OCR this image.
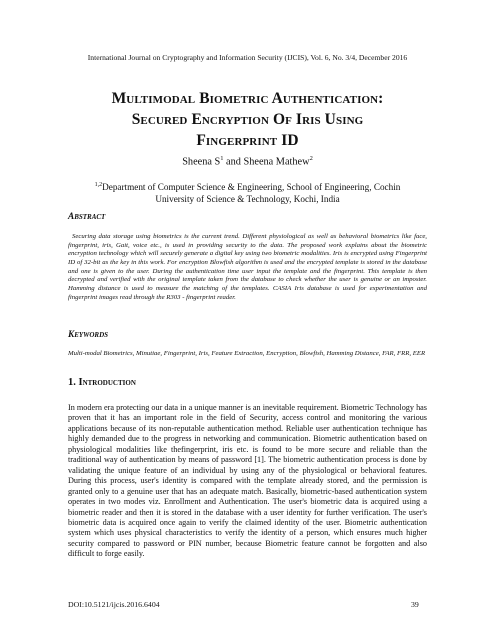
International Journal on Cryptography and Information Security (IJCIS), Vol. 6, No. 3/4, December 2016
Multimodal Biometric Authentication:
Secured Encryption Of Iris Using
Fingerprint ID
Sheena $S^1$ and Sheena Mathew$^2$
$^{1,2}$Department of Computer Science & Engineering, School of Engineering, Cochin
University of Science & Technology, Kochi, India
Abstract
Securing data storage using biometrics is the current trend. Different physiological as well as behavioral biometrics like face, fingerprint, iris, Gait, voice etc., is used in providing security to the data. The proposed work explains about the biometric encryption technology which will securely generate a digital key using two biometric modalities. Iris is encrypted using Fingerprint ID of 32-bit as the key in this work. For encryption Blowfish algorithm is used and the encrypted template is stored in the database and one is given to the user. During the authentication time user input the template and the fingerprint. This template is then decrypted and verified with the original template taken from the database to check whether the user is genuine or an imposter. Hamming distance is used to measure the matching of the templates. CASIA Iris database is used for experimentation and fingerprint images read through the R303 - fingerprint reader.
Keywords
Multi-modal Biometrics, Minutiae, Fingerprint, Iris, Feature Extraction, Encryption, Blowfish, Hamming Distance, FAR, FRR, EER
1. Introduction
In modern era protecting our data in a unique manner is an inevitable requirement. Biometric Technology has proven that it has an important role in the field of Security, access control and monitoring the various applications because of its non-reputable authentication method. Reliable user authentication technique has highly demanded due to the progress in networking and communication. Biometric authentication based on physiological modalities like thefingerprint, iris etc. is found to be more secure and reliable than the traditional way of authentication by means of password [1]. The biometric authentication process is done by validating the unique feature of an individual by using any of the physiological or behavioral features. During this process, user's identity is compared with the template already stored, and the permission is granted only to a genuine user that has an adequate match. Basically, biometric-based authentication system operates in two modes viz. Enrollment and Authentication. The user's biometric data is acquired using a biometric reader and then it is stored in the database with a user identity for further verification. The user's biometric data is acquired once again to verify the claimed identity of the user. Biometric authentication system which uses physical characteristics to verify the identity of a person, which ensures much higher security compared to password or PIN number, because Biometric feature cannot be forgotten and also difficult to forge easily.
DOI:10.5121/ijcis.2016.6404	39
